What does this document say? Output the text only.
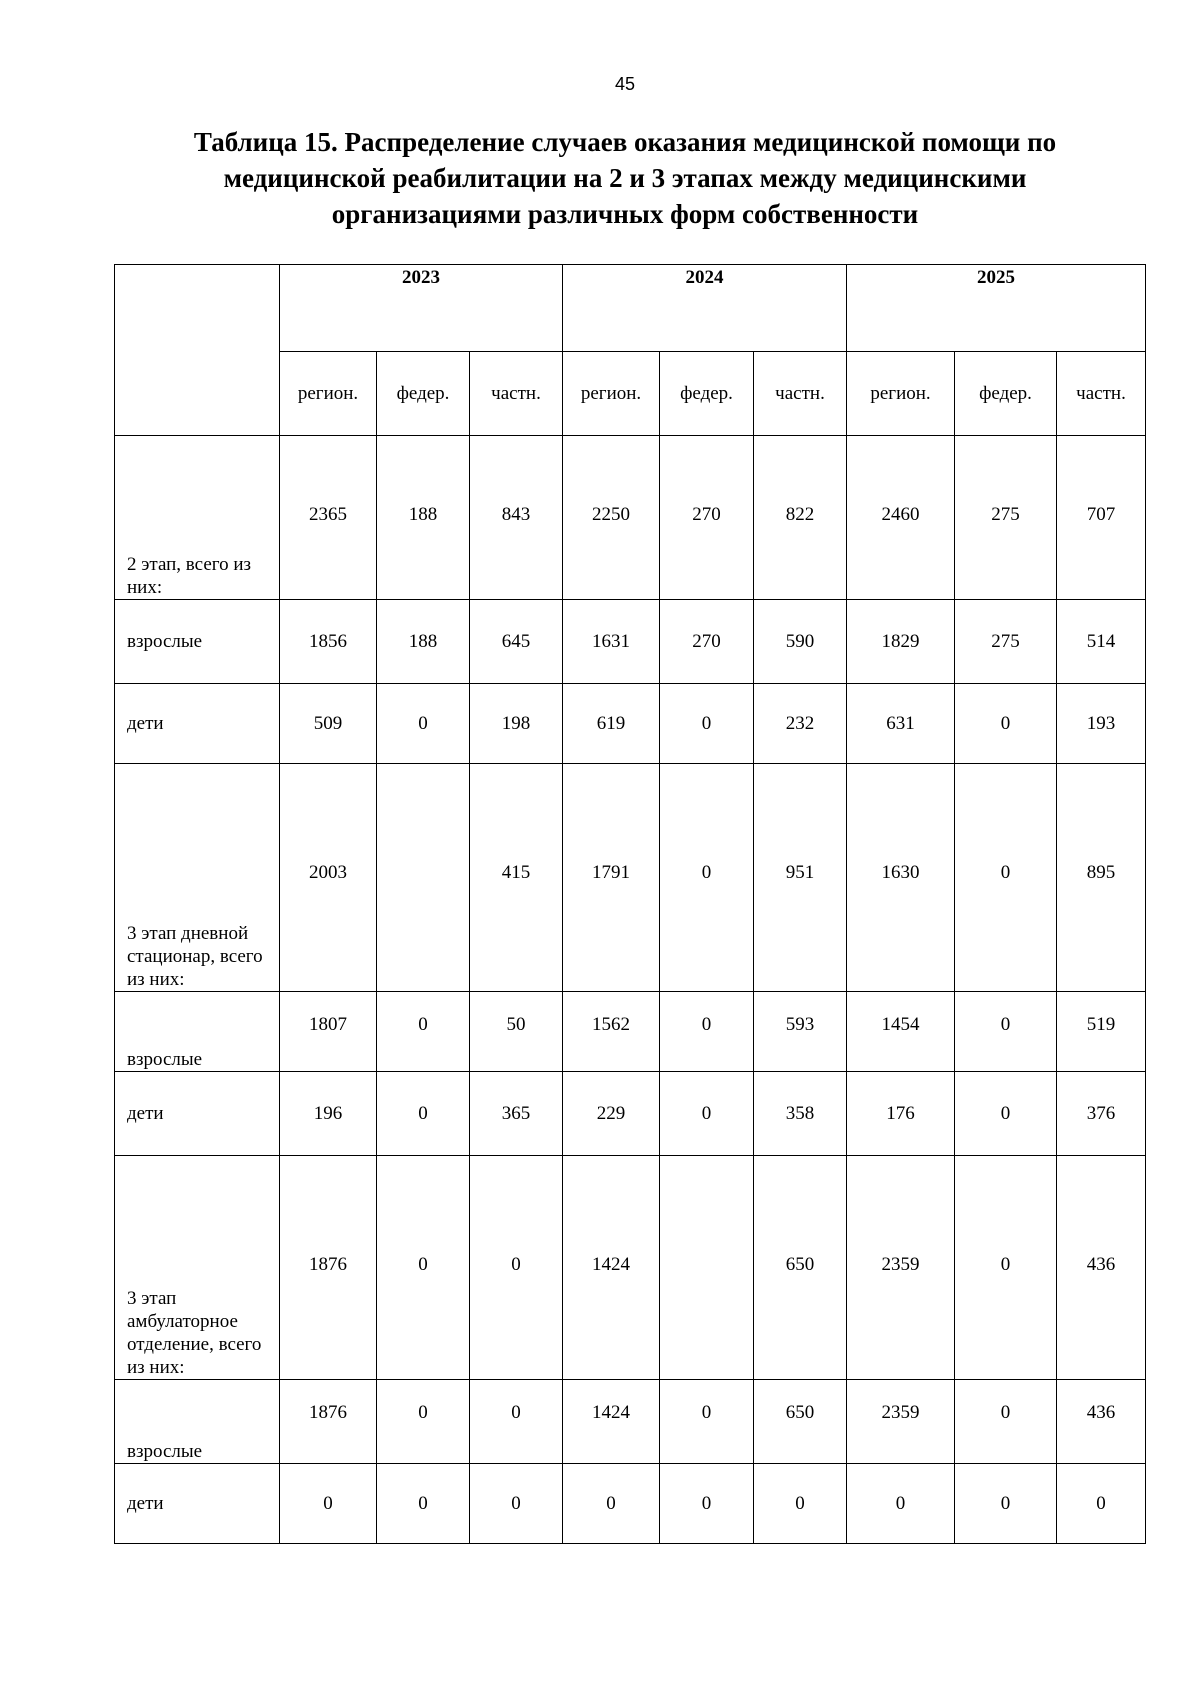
45
Таблица 15. Распределение случаев оказания медицинской помощи по
медицинской реабилитации на 2 и 3 этапах между медицинскими
организациями различных форм собственности
	2023			2024			2025		
	регион.	федер.	частн.	регион.	федер.	частн.	регион.	федер.	частн.
2 этап, всего из них:	2365	188	843	2250	270	822	2460	275	707
взрослые	1856	188	645	1631	270	590	1829	275	514
дети	509	0	198	619	0	232	631	0	193
3 этап дневной стационар, всего из них:	2003		415	1791	0	951	1630	0	895
взрослые	1807	0	50	1562	0	593	1454	0	519
дети	196	0	365	229	0	358	176	0	376
3 этап амбулаторное отделение, всего из них:	1876	0	0	1424		650	2359	0	436
взрослые	1876	0	0	1424	0	650	2359	0	436
дети	0	0	0	0	0	0	0	0	0
